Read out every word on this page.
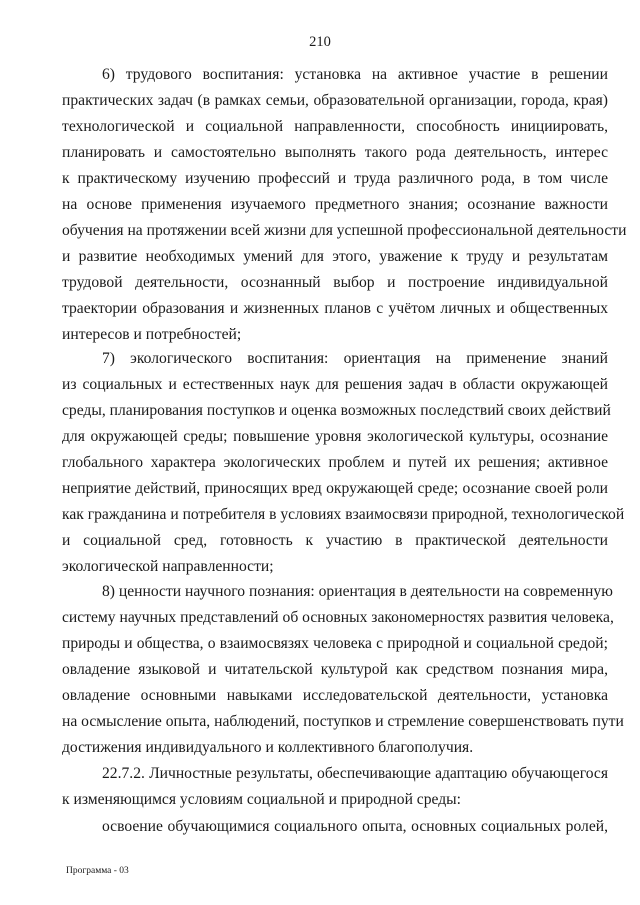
210
6) трудового воспитания: установка на активное участие в решении
практических задач (в рамках семьи, образовательной организации, города, края)
технологической и социальной направленности, способность инициировать,
планировать и самостоятельно выполнять такого рода деятельность, интерес
к практическому изучению профессий и труда различного рода, в том числе
на основе применения изучаемого предметного знания; осознание важности
обучения на протяжении всей жизни для успешной профессиональной деятельности
и развитие необходимых умений для этого, уважение к труду и результатам
трудовой деятельности, осознанный выбор и построение индивидуальной
траектории образования и жизненных планов с учётом личных и общественных
интересов и потребностей;
7) экологического воспитания: ориентация на применение знаний
из социальных и естественных наук для решения задач в области окружающей
среды, планирования поступков и оценка возможных последствий своих действий
для окружающей среды; повышение уровня экологической культуры, осознание
глобального характера экологических проблем и путей их решения; активное
неприятие действий, приносящих вред окружающей среде; осознание своей роли
как гражданина и потребителя в условиях взаимосвязи природной, технологической
и социальной сред, готовность к участию в практической деятельности
экологической направленности;
8) ценности научного познания: ориентация в деятельности на современную
систему научных представлений об основных закономерностях развития человека,
природы и общества, о взаимосвязях человека с природной и социальной средой;
овладение языковой и читательской культурой как средством познания мира,
овладение основными навыками исследовательской деятельности, установка
на осмысление опыта, наблюдений, поступков и стремление совершенствовать пути
достижения индивидуального и коллективного благополучия.
22.7.2. Личностные результаты, обеспечивающие адаптацию обучающегося
к изменяющимся условиям социальной и природной среды:
освоение обучающимися социального опыта, основных социальных ролей,
Программа - 03
